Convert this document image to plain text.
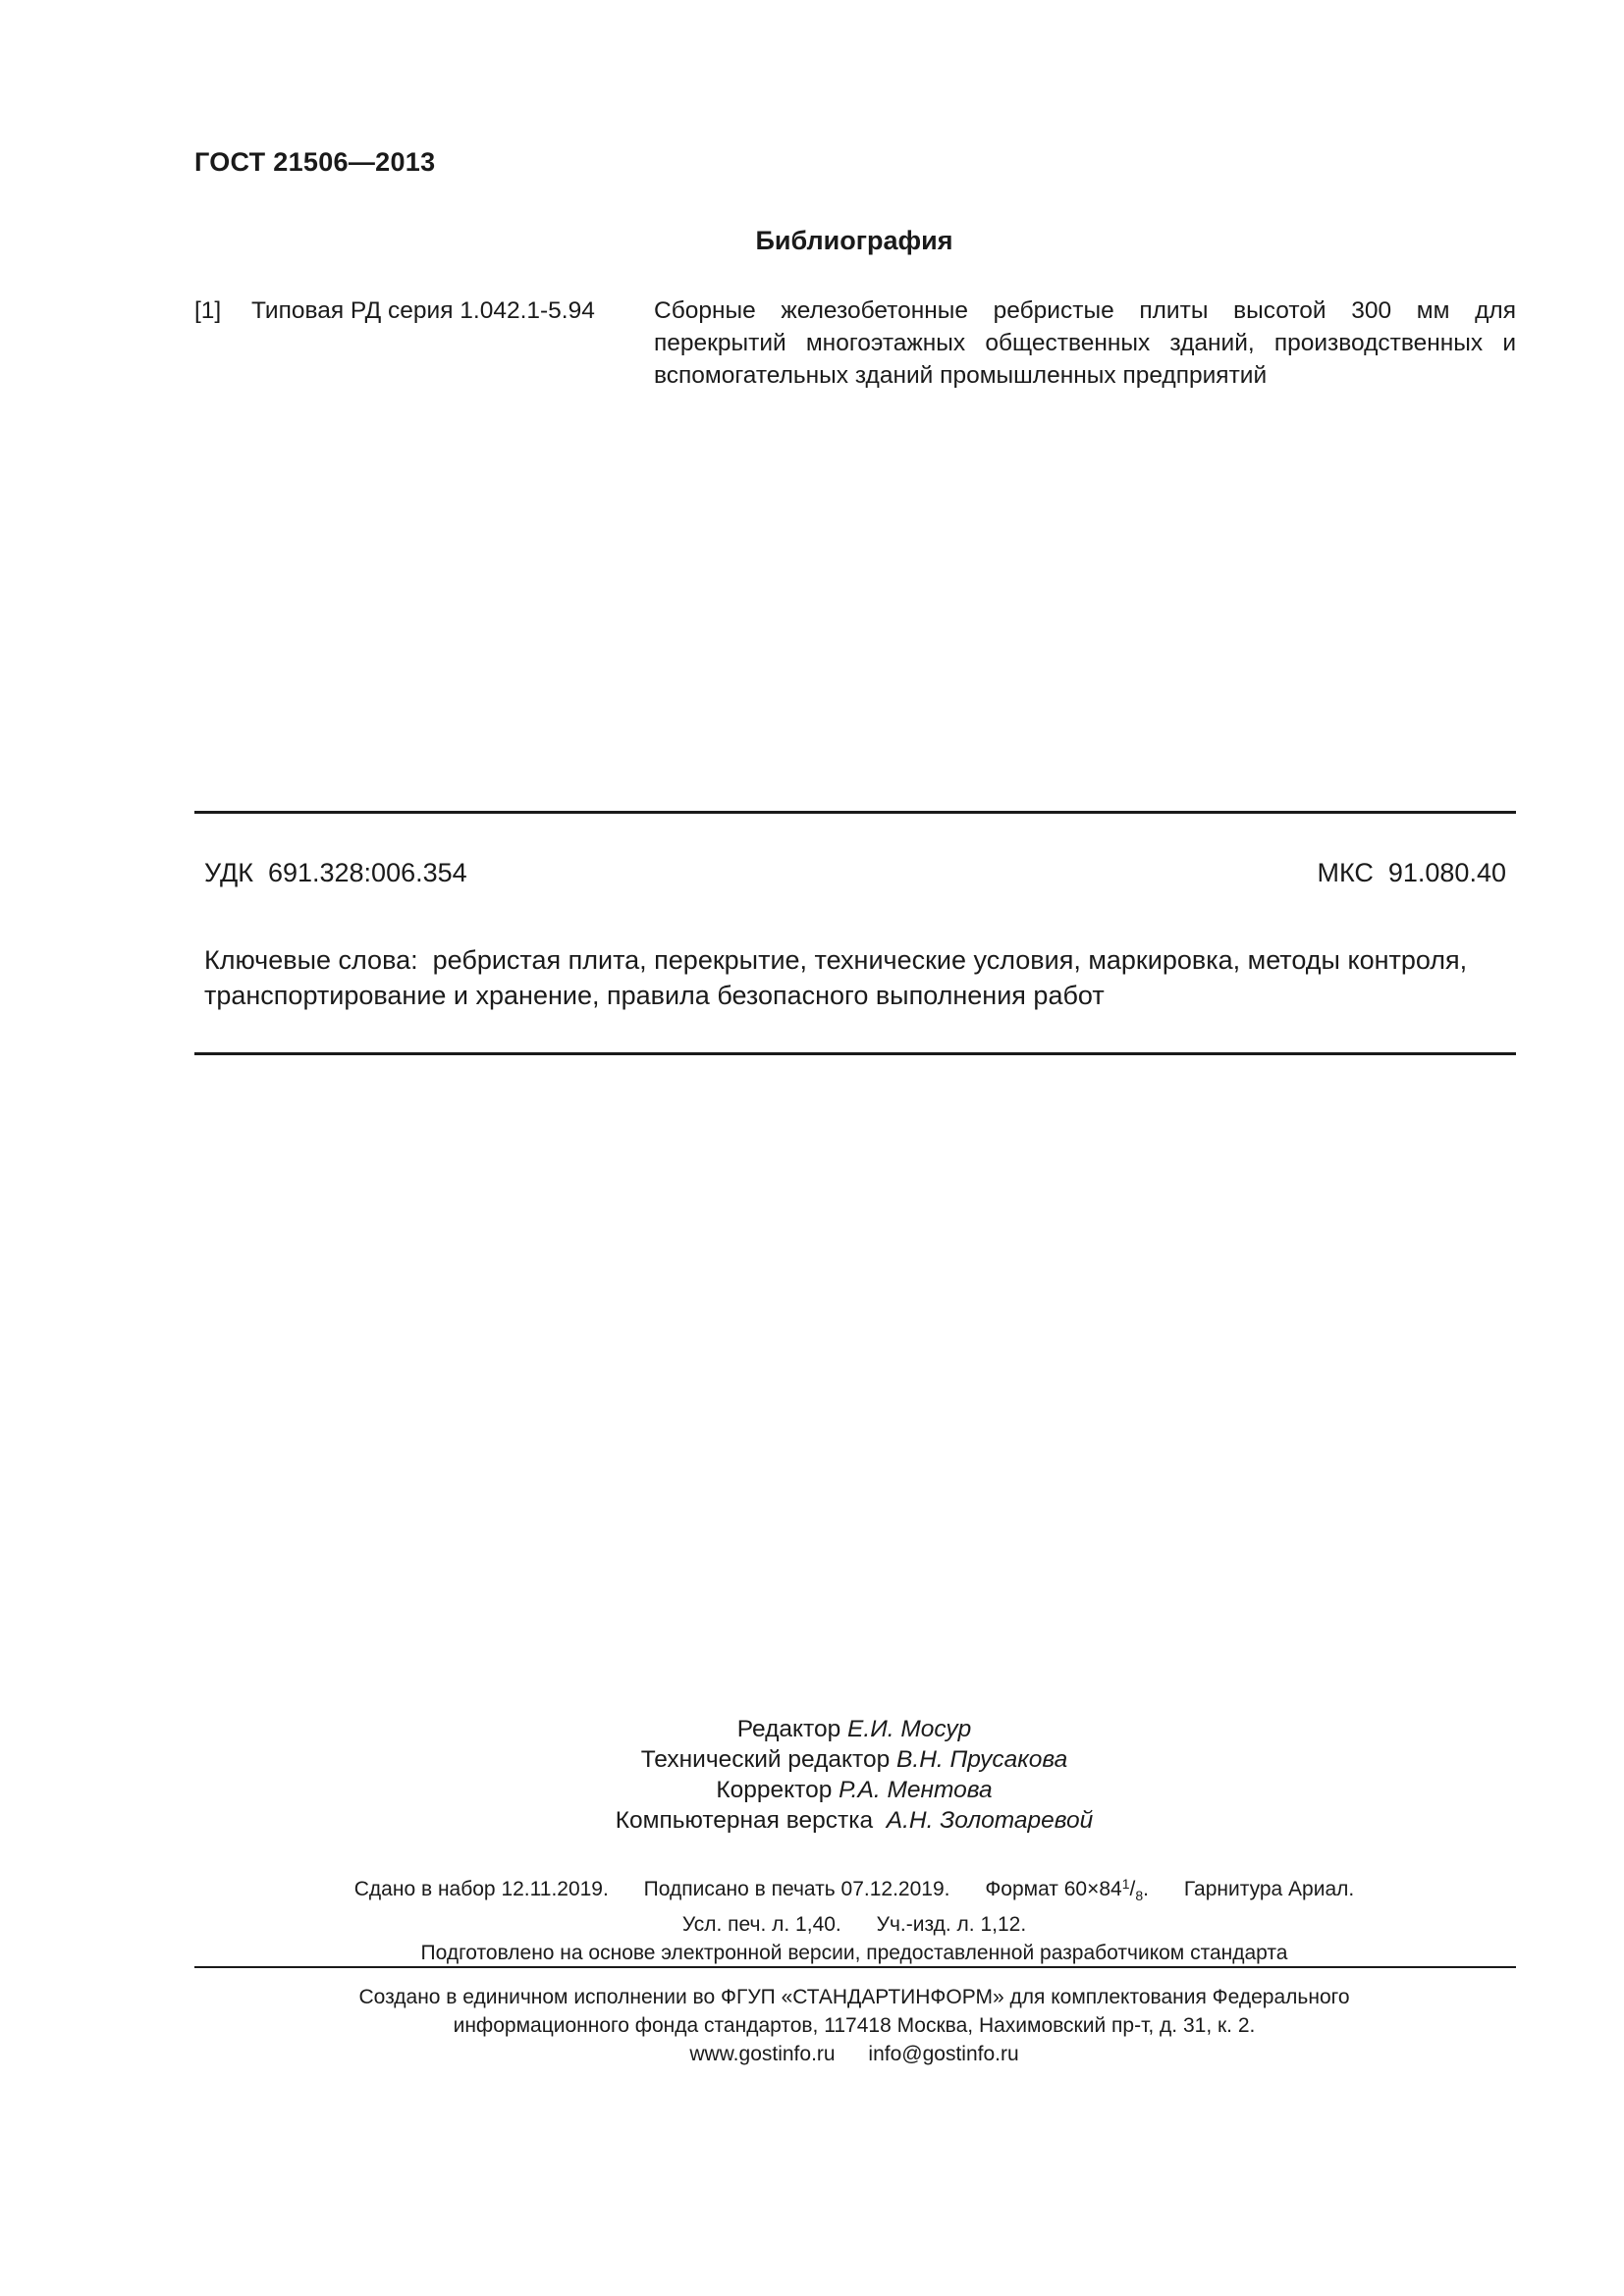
ГОСТ 21506—2013
Библиография
[1] Типовая РД серия 1.042.1-5.94 Сборные железобетонные ребристые плиты высотой 300 мм для перекрытий многоэтажных общественных зданий, производственных и вспомогательных зданий промышленных предприятий
УДК  691.328:006.354	МКС  91.080.40
Ключевые слова: ребристая плита, перекрытие, технические условия, маркировка, методы контроля, транспортирование и хранение, правила безопасного выполнения работ
Редактор Е.И. Мосур
Технический редактор В.Н. Прусакова
Корректор Р.А. Ментова
Компьютерная верстка А.Н. Золотаревой
Сдано в набор 12.11.2019. Подписано в печать 07.12.2019. Формат $60\times 84^1/_8$. Гарнитура Ариал.
Усл. печ. л. 1,40. Уч.-изд. л. 1,12.
Подготовлено на основе электронной версии, предоставленной разработчиком стандарта
Создано в единичном исполнении во ФГУП «СТАНДАРТИНФОРМ» для комплектования Федерального
информационного фонда стандартов, 117418 Москва, Нахимовский пр-т, д. 31, к. 2.
www.gostinfo.ru info@gostinfo.ru
